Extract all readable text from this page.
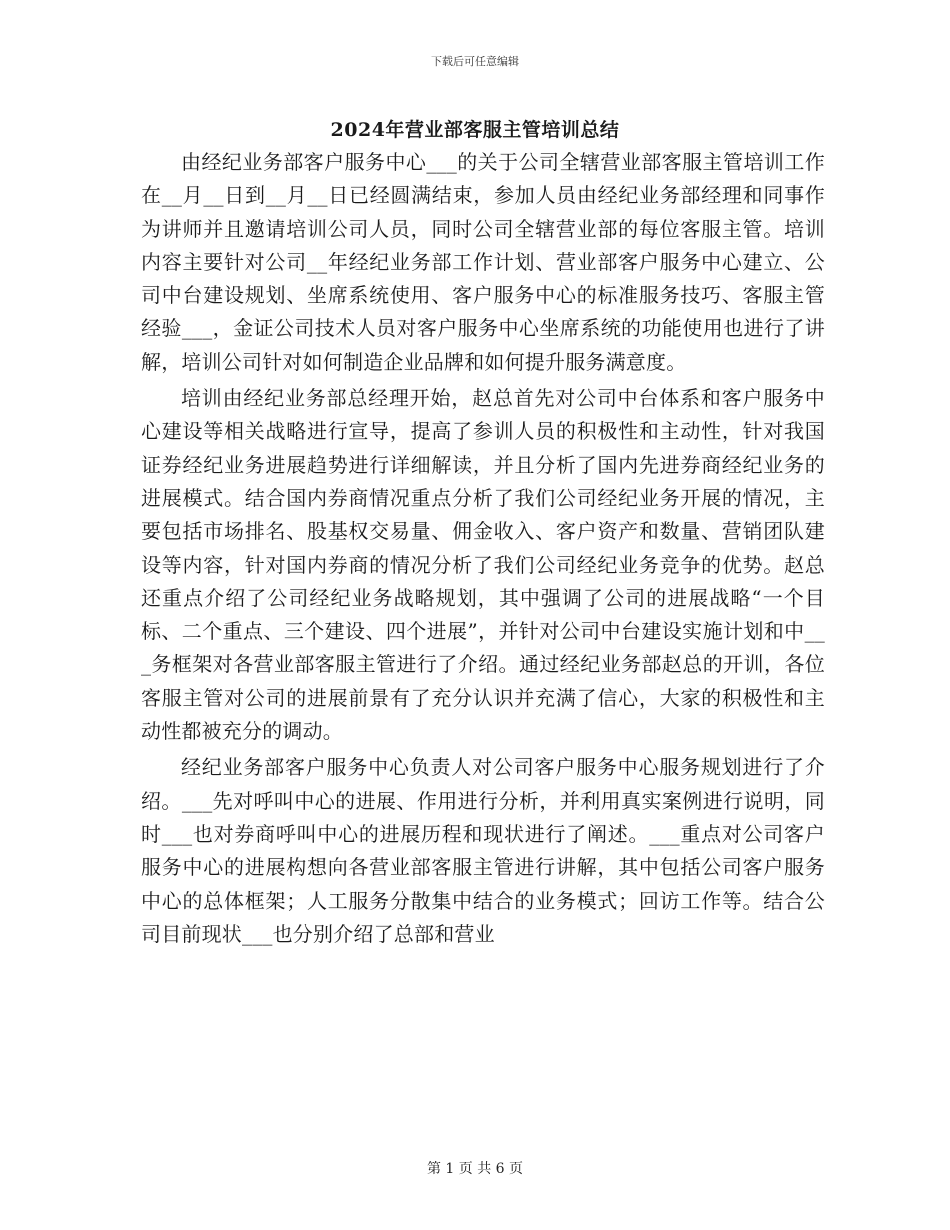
下载后可任意编辑
2024年营业部客服主管培训总结

由经纪业务部客户服务中心___的关于公司全辖营业部客服主管培训工作在__月__日到__月__日已经圆满结束，参加人员由经纪业务部经理和同事作为讲师并且邀请培训公司人员，同时公司全辖营业部的每位客服主管。培训内容主要针对公司__年经纪业务部工作计划、营业部客户服务中心建立、公司中台建设规划、坐席系统使用、客户服务中心的标准服务技巧、客服主管经验___，金证公司技术人员对客户服务中心坐席系统的功能使用也进行了讲解，培训公司针对如何制造企业品牌和如何提升服务满意度。

培训由经纪业务部总经理开始，赵总首先对公司中台体系和客户服务中心建设等相关战略进行宣导，提高了参训人员的积极性和主动性，针对我国证券经纪业务进展趋势进行详细解读，并且分析了国内先进券商经纪业务的进展模式。结合国内券商情况重点分析了我们公司经纪业务开展的情况，主要包括市场排名、股基权交易量、佣金收入、客户资产和数量、营销团队建设等内容，针对国内券商的情况分析了我们公司经纪业务竞争的优势。赵总还重点介绍了公司经纪业务战略规划，其中强调了公司的进展战略“一个目标、二个重点、三个建设、四个进展”，并针对公司中台建设实施计划和中___务框架对各营业部客服主管进行了介绍。通过经纪业务部赵总的开训，各位客服主管对公司的进展前景有了充分认识并充满了信心，大家的积极性和主动性都被充分的调动。

经纪业务部客户服务中心负责人对公司客户服务中心服务规划进行了介绍。___先对呼叫中心的进展、作用进行分析，并利用真实案例进行说明，同时___也对券商呼叫中心的进展历程和现状进行了阐述。___重点对公司客户服务中心的进展构想向各营业部客服主管进行讲解，其中包括公司客户服务中心的总体框架；人工服务分散集中结合的业务模式；回访工作等。结合公司目前现状___也分别介绍了总部和营业

第 1 页 共 6 页
